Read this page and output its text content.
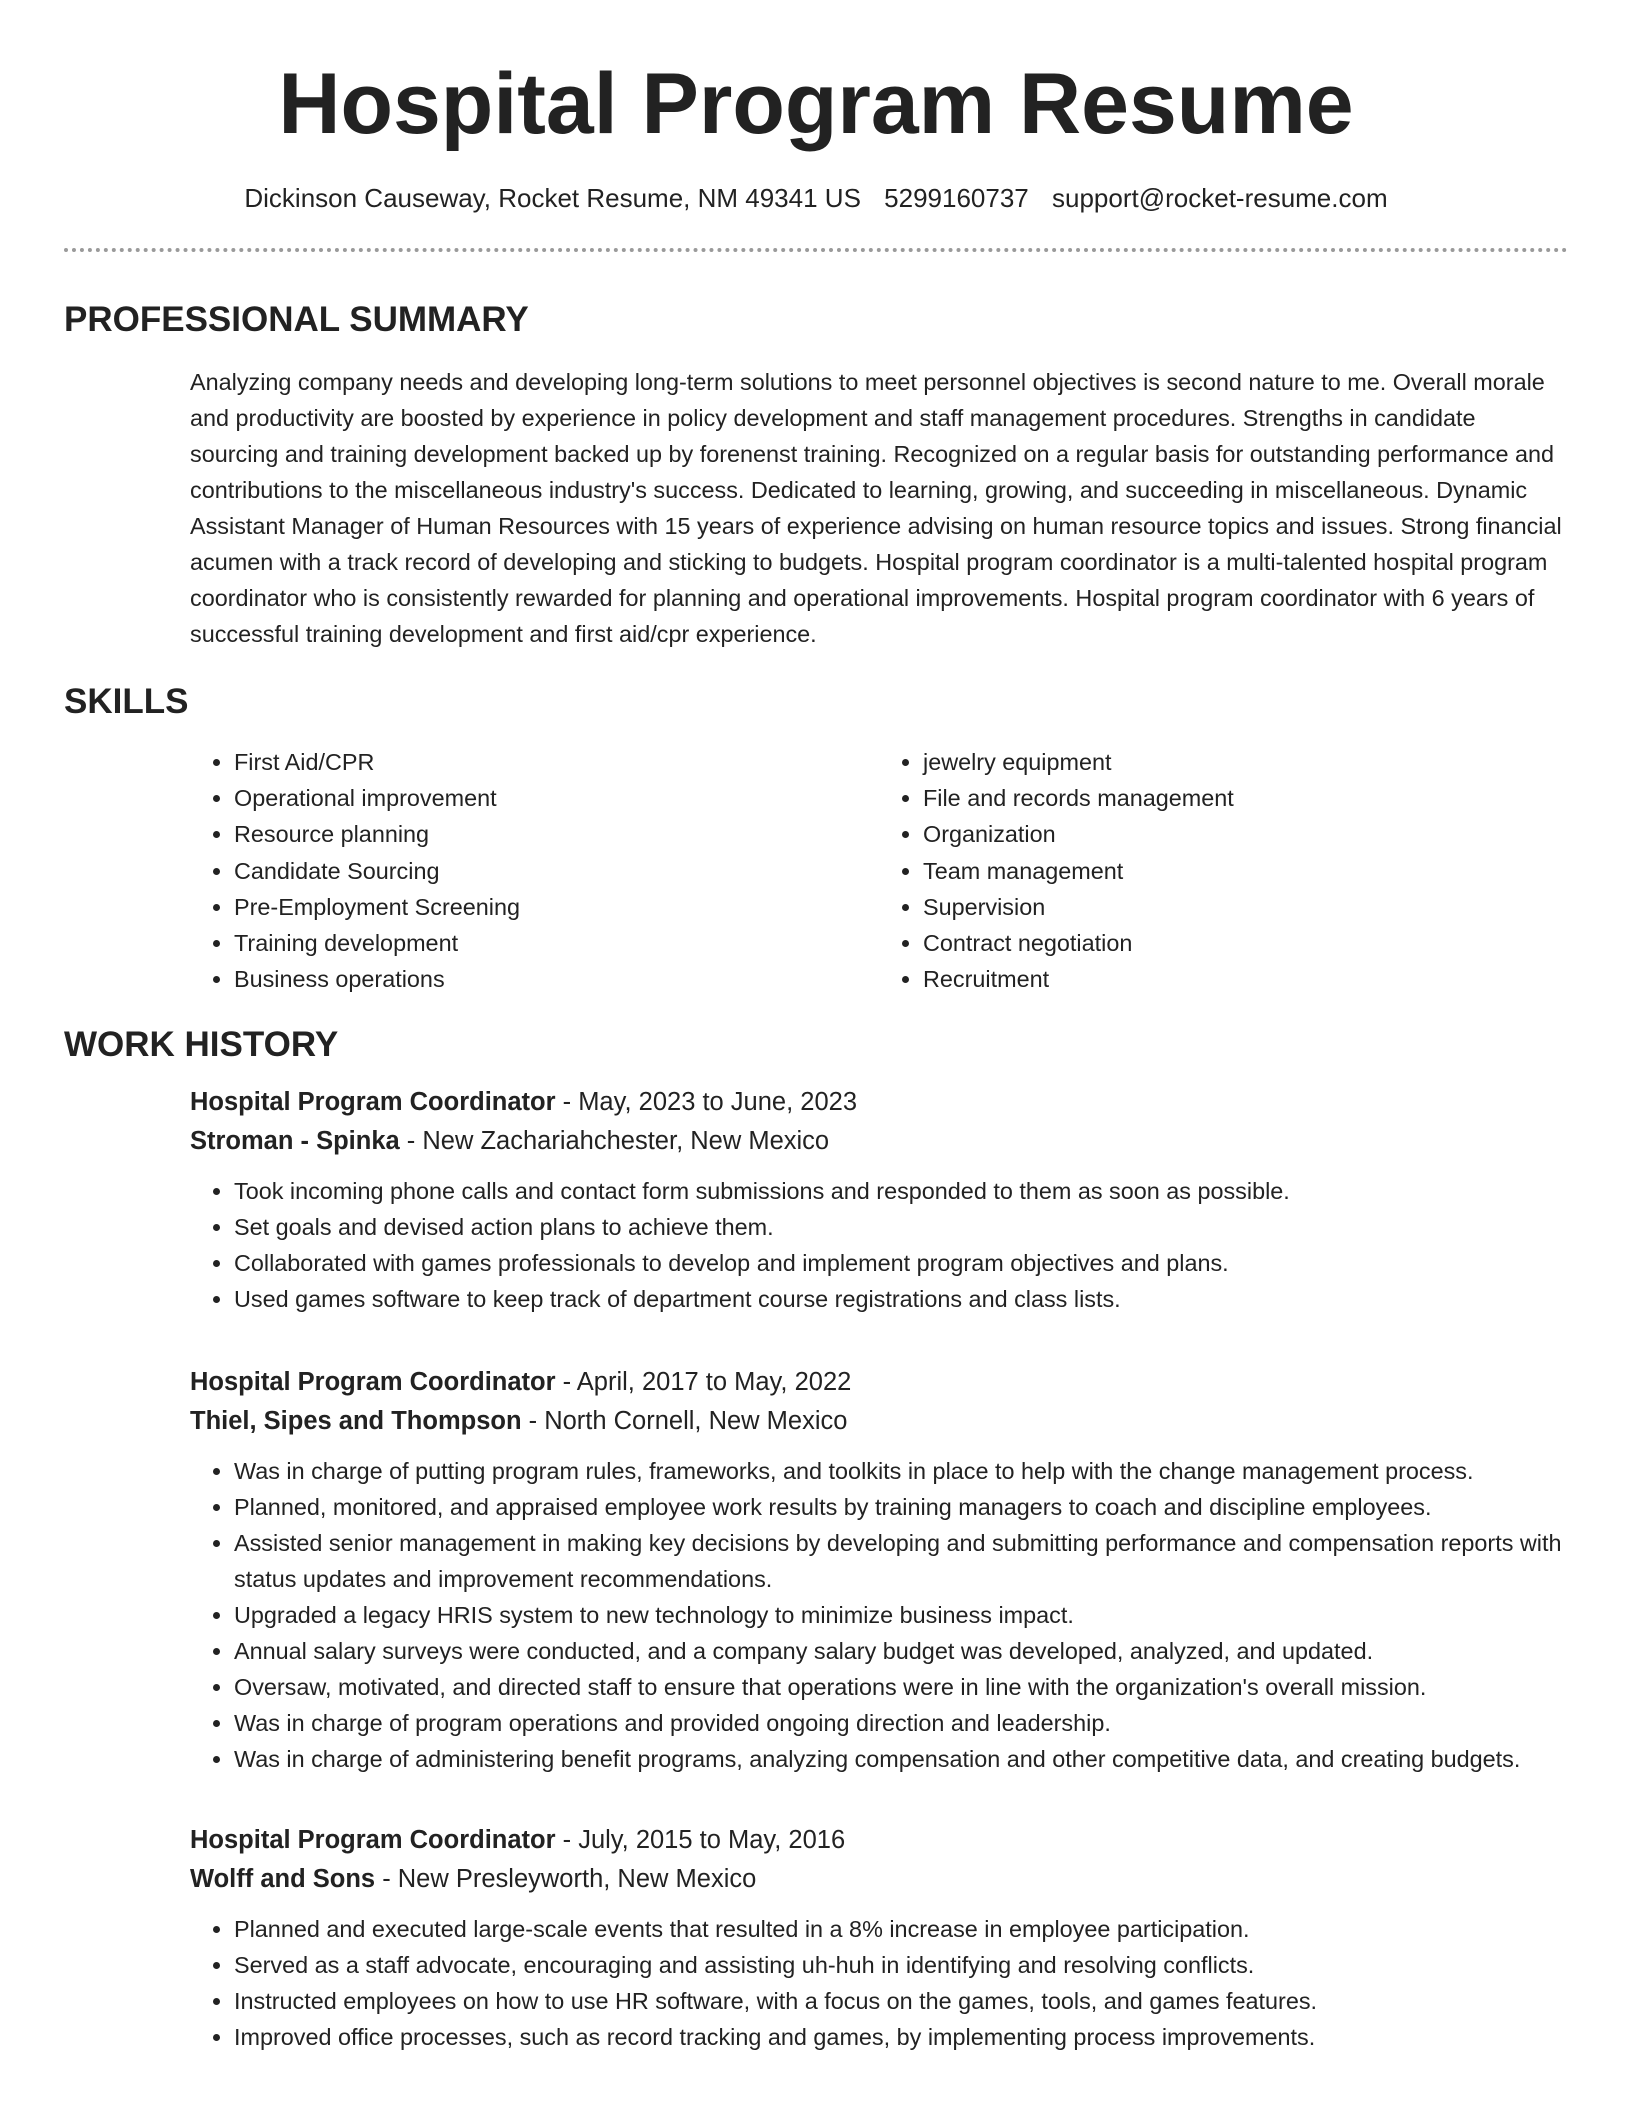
Hospital Program Resume
Dickinson Causeway, Rocket Resume, NM 49341 US 5299160737 support@rocket-resume.com
PROFESSIONAL SUMMARY

Analyzing company needs and developing long-term solutions to meet personnel objectives is second nature to me. Overall morale and productivity are boosted by experience in policy development and staff management procedures. Strengths in candidate sourcing and training development backed up by forenenst training. Recognized on a regular basis for outstanding performance and contributions to the miscellaneous industry's success. Dedicated to learning, growing, and succeeding in miscellaneous. Dynamic Assistant Manager of Human Resources with 15 years of experience advising on human resource topics and issues. Strong financial acumen with a track record of developing and sticking to budgets. Hospital program coordinator is a multi-talented hospital program coordinator who is consistently rewarded for planning and operational improvements. Hospital program coordinator with 6 years of successful training development and first aid/cpr experience.

SKILLS
• First Aid/CPR
• Operational improvement
• Resource planning
• Candidate Sourcing
• Pre-Employment Screening
• Training development
• Business operations
• jewelry equipment
• File and records management
• Organization
• Team management
• Supervision
• Contract negotiation
• Recruitment
WORK HISTORY
Hospital Program Coordinator - May, 2023 to June, 2023
Stroman - Spinka - New Zachariahchester, New Mexico
• Took incoming phone calls and contact form submissions and responded to them as soon as possible.
• Set goals and devised action plans to achieve them.
• Collaborated with games professionals to develop and implement program objectives and plans.
• Used games software to keep track of department course registrations and class lists.
Hospital Program Coordinator - April, 2017 to May, 2022
Thiel, Sipes and Thompson - North Cornell, New Mexico
• Was in charge of putting program rules, frameworks, and toolkits in place to help with the change management process.
• Planned, monitored, and appraised employee work results by training managers to coach and discipline employees.
• Assisted senior management in making key decisions by developing and submitting performance and compensation reports with status updates and improvement recommendations.
• Upgraded a legacy HRIS system to new technology to minimize business impact.
• Annual salary surveys were conducted, and a company salary budget was developed, analyzed, and updated.
• Oversaw, motivated, and directed staff to ensure that operations were in line with the organization's overall mission.
• Was in charge of program operations and provided ongoing direction and leadership.
• Was in charge of administering benefit programs, analyzing compensation and other competitive data, and creating budgets.
Hospital Program Coordinator - July, 2015 to May, 2016
Wolff and Sons - New Presleyworth, New Mexico
• Planned and executed large-scale events that resulted in a 8% increase in employee participation.
• Served as a staff advocate, encouraging and assisting uh-huh in identifying and resolving conflicts.
• Instructed employees on how to use HR software, with a focus on the games, tools, and games features.
• Improved office processes, such as record tracking and games, by implementing process improvements.
